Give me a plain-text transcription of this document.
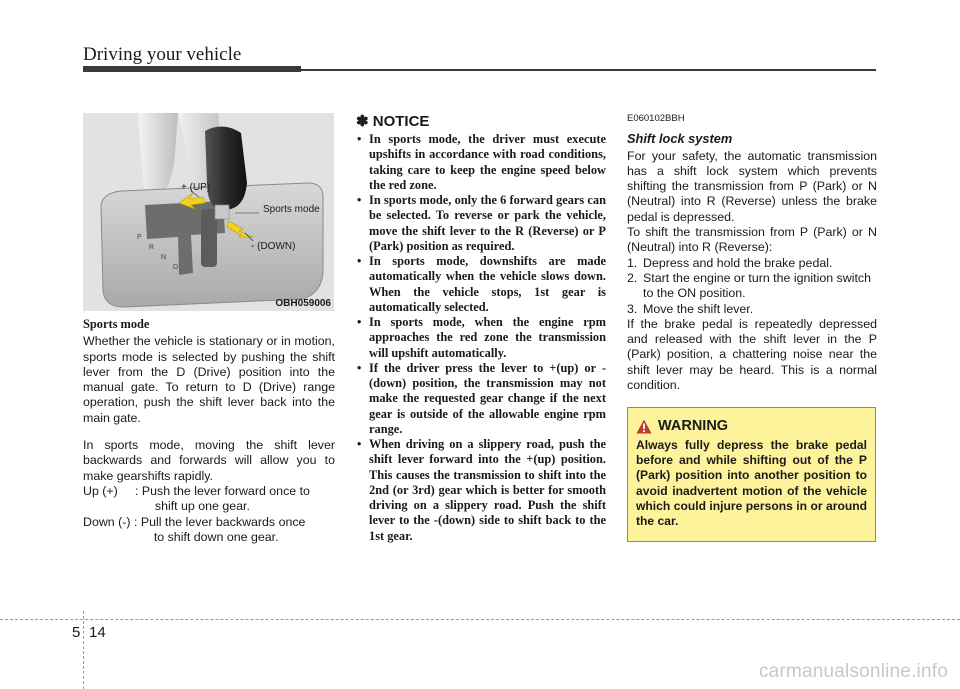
Driving your vehicle
P
R
N
D
+ (UP)
Sports mode
- (DOWN)
OBH059006

Sports mode

Whether the vehicle is stationary or in motion, sports mode is selected by pushing the shift lever from the D (Drive) position into the manual gate. To return to D (Drive) range operation, push the shift lever back into the main gate.

In sports mode, moving the shift lever backwards and forwards will allow you to make gearshifts rapidly.

Up (+)     : Push the lever forward once to
shift up one gear.
Down (-) : Pull the lever backwards once
to shift down one gear.

✽ NOTICE

• In sports mode, the driver must execute upshifts in accordance with road conditions, taking care to keep the engine speed below the red zone.
• In sports mode, only the 6 forward gears can be selected. To reverse or park the vehicle, move the shift lever to the R (Reverse) or P (Park) position as required.
• In sports mode, downshifts are made automatically when the vehicle slows down. When the vehicle stops, 1st gear is automatically selected.
• In sports mode, when the engine rpm approaches the red zone the transmission will upshift automatically.
• If the driver press the lever to +(up) or -(down) position, the transmission may not make the requested gear change if the next gear is outside of the allowable engine rpm range.
• When driving on a slippery road, push the shift lever forward into the +(up) position. This causes the transmission to shift into the 2nd (or 3rd) gear which is better for smooth driving on a slippery road. Push the shift lever to the -(down) side to shift back to the 1st gear.

E060102BBH

Shift lock system

For your safety, the automatic transmission has a shift lock system which prevents shifting the transmission from P (Park) or N (Neutral) into R (Reverse) unless the brake pedal is depressed.

To shift the transmission from P (Park) or N (Neutral) into R (Reverse):

1. Depress and hold the brake pedal.
2. Start the engine or turn the ignition switch to the ON position.
3. Move the shift lever.

If the brake pedal is repeatedly depressed and released with the shift lever in the P (Park) position, a chattering noise near the shift lever may be heard. This is a normal condition.

WARNING

Always fully depress the brake pedal before and while shifting out of the P (Park) position into another position to avoid inadvertent motion of the vehicle which could injure persons in or around the car.

5 14
carmanualsonline.info
